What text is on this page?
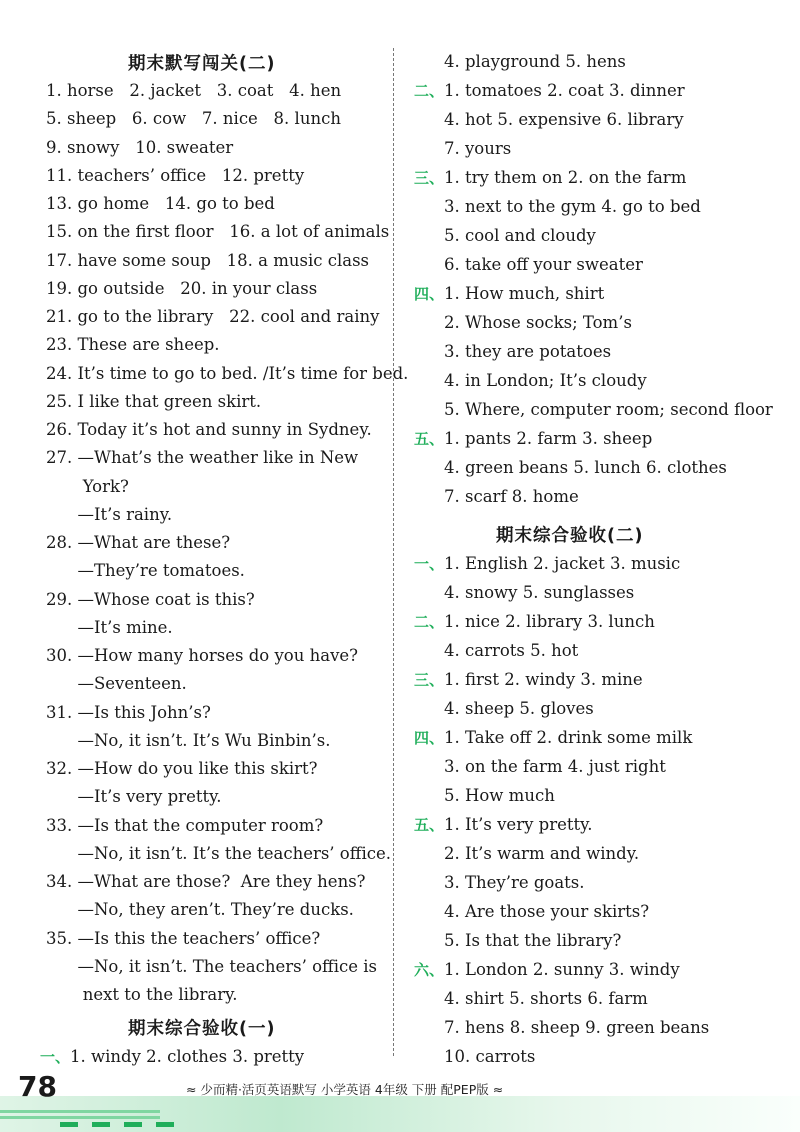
期末默写闯关(二)
1. horse   2. jacket   3. coat   4. hen
5. sheep   6. cow   7. nice   8. lunch
9. snowy   10. sweater
11. teachers’ office   12. pretty
13. go home   14. go to bed
15. on the first floor   16. a lot of animals
17. have some soup   18. a music class
19. go outside   20. in your class
21. go to the library   22. cool and rainy
23. These are sheep.
24. It’s time to go to bed. /It’s time for bed.
25. I like that green skirt.
26. Today it’s hot and sunny in Sydney.
27. —What’s the weather like in New
York?
—It’s rainy.
28. —What are these?
—They’re tomatoes.
29. —Whose coat is this?
—It’s mine.
30. —How many horses do you have?
—Seventeen.
31. —Is this John’s?
—No, it isn’t. It’s Wu Binbin’s.
32. —How do you like this skirt?
—It’s very pretty.
33. —Is that the computer room?
—No, it isn’t. It’s the teachers’ office.
34. —What are those?  Are they hens?
—No, they aren’t. They’re ducks.
35. —Is this the teachers’ office?
—No, it isn’t. The teachers’ office is
next to the library.
期末综合验收(一)
一、1. windy 2. clothes 3. pretty
4. playground 5. hens
二、1. tomatoes 2. coat 3. dinner
4. hot 5. expensive 6. library
7. yours
三、1. try them on 2. on the farm
3. next to the gym 4. go to bed
5. cool and cloudy
6. take off your sweater
四、1. How much, shirt
2. Whose socks; Tom’s
3. they are potatoes
4. in London; It’s cloudy
5. Where, computer room; second floor
五、1. pants 2. farm 3. sheep
4. green beans 5. lunch 6. clothes
7. scarf 8. home
期末综合验收(二)
一、1. English 2. jacket 3. music
4. snowy 5. sunglasses
二、1. nice 2. library 3. lunch
4. carrots 5. hot
三、1. first 2. windy 3. mine
4. sheep 5. gloves
四、1. Take off 2. drink some milk
3. on the farm 4. just right
5. How much
五、1. It’s very pretty.
2. It’s warm and windy.
3. They’re goats.
4. Are those your skirts?
5. Is that the library?
六、1. London 2. sunny 3. windy
4. shirt 5. shorts 6. farm
7. hens 8. sheep 9. green beans
10. carrots
78	≈ 少而精·活页英语默写 小学英语 4年级 下册 配PEP版 ≈
